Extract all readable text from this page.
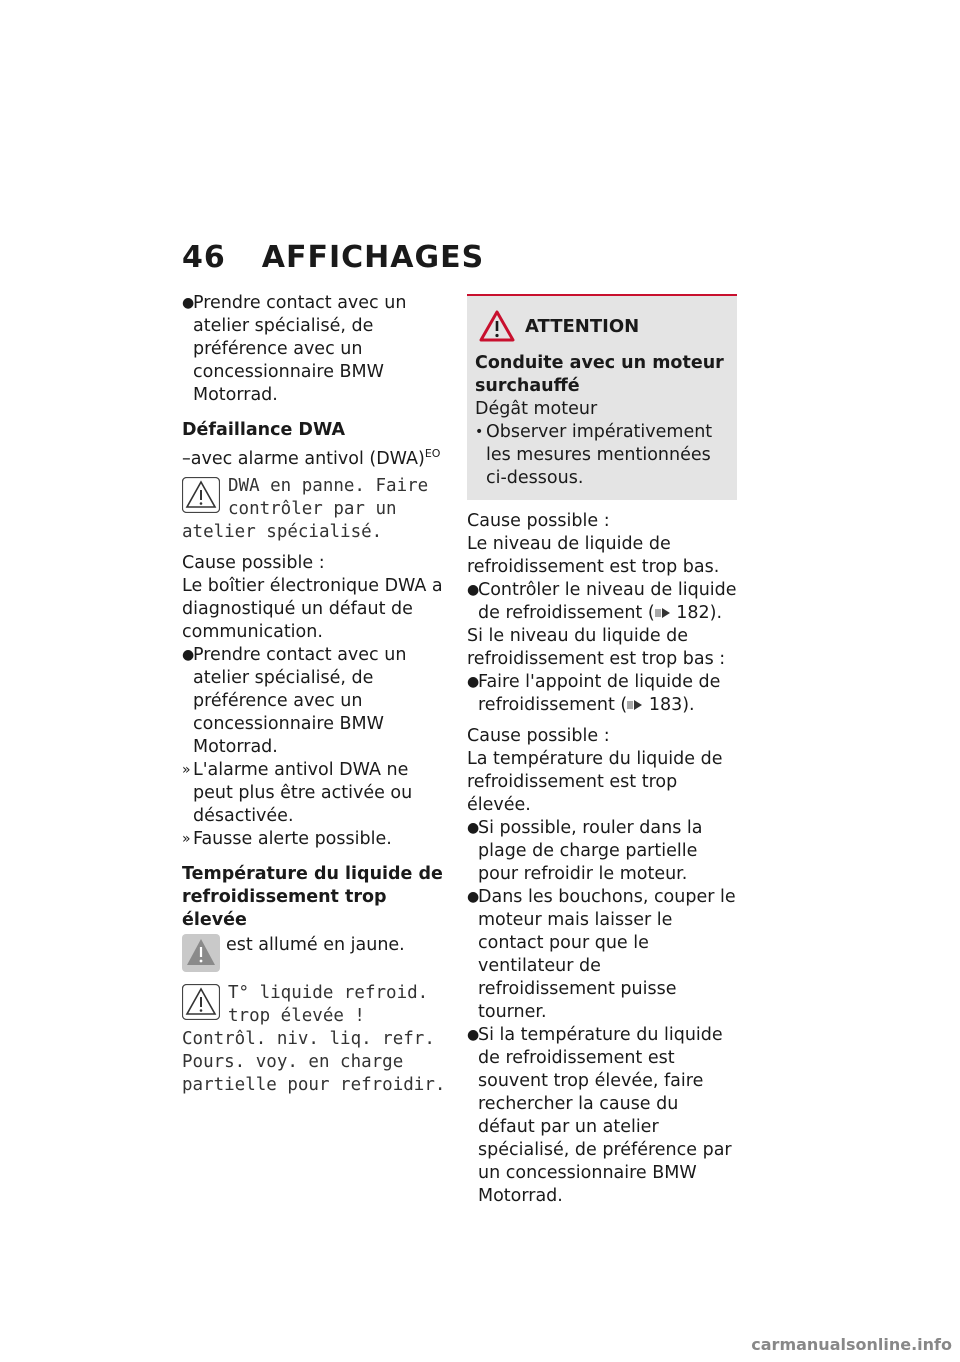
46 AFFICHAGES
●
Prendre contact avec un atelier spécialisé, de préférence avec un concessionnaire BMW Motorrad.

Défaillance DWA

–avec alarme antivol (DWA)$^{EO}$

DWA en panne. Faire contrôler par un atelier spécialisé.

Cause possible :

Le boîtier électronique DWA a diagnostiqué un défaut de communication.

●
Prendre contact avec un atelier spécialisé, de préférence avec un concessionnaire BMW Motorrad.
» L'alarme antivol DWA ne peut plus être activée ou désactivée.
» Fausse alerte possible.

Température du liquide de refroidissement trop élevée

est allumé en jaune.
T° liquide refroid. trop élevée ! Contrôl. niv. liq. refr. Pours. voy. en charge partielle pour refroidir.
ATTENTION

Conduite avec un moteur surchauffé

Dégât moteur

• Observer impérativement les mesures mentionnées ci-dessous.

Cause possible :

Le niveau de liquide de refroidissement est trop bas.

●
Contrôler le niveau de liquide de refroidissement ( 182).

Si le niveau du liquide de refroidissement est trop bas :

●
Faire l'appoint de liquide de refroidissement ( 183).

Cause possible :

La température du liquide de refroidissement est trop élevée.

●
Si possible, rouler dans la plage de charge partielle pour refroidir le moteur.
●
Dans les bouchons, couper le moteur mais laisser le contact pour que le ventilateur de refroidissement puisse tourner.
●
Si la température du liquide de refroidissement est souvent trop élevée, faire rechercher la cause du défaut par un atelier spécialisé, de préférence par un concessionnaire BMW Motorrad.
carmanualsonline.info
